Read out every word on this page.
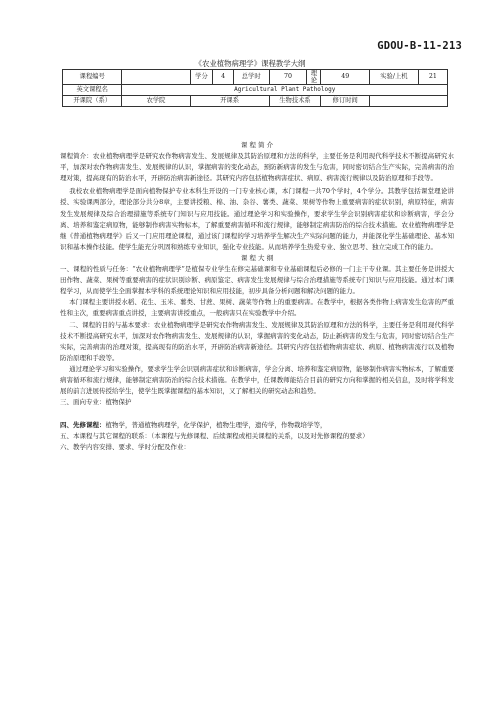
GDOU-B-11-213
《农业植物病理学》课程教学大纲
课程编号		学分	4	总学时	70	理论	49	实验/上机	21
英文课程名	Agricultural Plant Pathology								
开课院（系）	农学院	开课系			生物技术系		修订时间		

课 程 简 介

课程简介：农业植物病理学是研究农作物病害发生、发展规律及其防治原理和方法的科学，主要任务是利用现代科学技术不断提高研究水平，加深对农作物病害发生、发展规律的认识，掌握病害的变化动态，预防新病害的发生与危害，同时密切结合生产实际，完善病害的治理对策，提高现有的防治水平，开辟防治病害新途径。其研究内容包括植物病害症状、病原、病害流行规律以及防治原理和手段等。

我校农业植物病理学是面向植物保护专业本科生开设的一门专业核心课，本门课程一共70个学时，4个学分。其教学包括课堂理论讲授、实验课两部分，理论部分共分8章，主要讲授粮、棉、油、杂谷、薯类、蔬菜、果树等作物上重要病害的症状识别，病原特征，病害发生发展规律及综合治理措施等系统专门知识与应用技能。通过理论学习和实验操作，要求学生学会识别病害症状和诊断病害，学会分离、培养和鉴定病原物，能够制作病害实物标本，了解重要病害循环和流行规律，能够制定病害防治的综合技术措施。农业植物病理学是继《普通植物病理学》后又一门应用理论课程，通过该门课程的学习培养学生解决生产实际问题的能力，并能深化学生基础理论、基本知识和基本操作技能。使学生能充分巩固和熟练专业知识，强化专业技能。从而培养学生热爱专业、独立思考、独立完成工作的能力。

课 程 大 纲

一、课程的性质与任务：“农业植物病理学”是植保专业学生在修完基础课和专业基础课程后必修的一门主干专业课。其主要任务是讲授大田作物、蔬菜、果树等重要病害的症状识别诊断、病原鉴定、病害发生发展规律与综合治理措施等系统专门知识与应用技能。通过本门课程学习，从而使学生全面掌握本学科的系统理论知识和应用技能，初步具备分析问题和解决问题的能力。

本门课程主要讲授水稻、花生、玉米、薯类、甘蔗、果树、蔬菜等作物上的重要病害。在教学中，根据各类作物上病害发生危害的严重性和主次，重要病害重点讲授，主要病害讲授重点，一般病害只在实验教学中介绍。

二、课程的目的与基本要求：农业植物病理学是研究农作物病害发生、发展规律及其防治原理和方法的科学，主要任务是利用现代科学技术不断提高研究水平，加深对农作物病害发生、发展规律的认识，掌握病害的变化动态，防止新病害的发生与危害，同时密切结合生产实际，完善病害的治理对策，提高现有的防治水平，开辟防治病害新途径。其研究内容包括植物病害症状、病原、植物病害流行以及植物防治原理和手段等。

通过理论学习和实验操作，要求学生学会识别病害症状和诊断病害，学会分离、培养和鉴定病原物，能够制作病害实物标本，了解重要病害循环和流行规律，能够制定病害防治的综合技术措施。在教学中，任课教师能结合目前的研究方向和掌握的相关信息，及时将学科发展的前言进展传授给学生，使学生既掌握课程的基本知识，又了解相关的研究动态和趋势。

三、面向专业：植物保护

四、先修课程：植物学，普通植物病理学，化学保护，植物生理学，遗传学，作物栽培学等，

五、本课程与其它课程的联系：（本课程与先修课程、后续课程或相关课程的关系，以及对先修课程的要求）

六、教学内容安排、要求、学时分配及作业：
